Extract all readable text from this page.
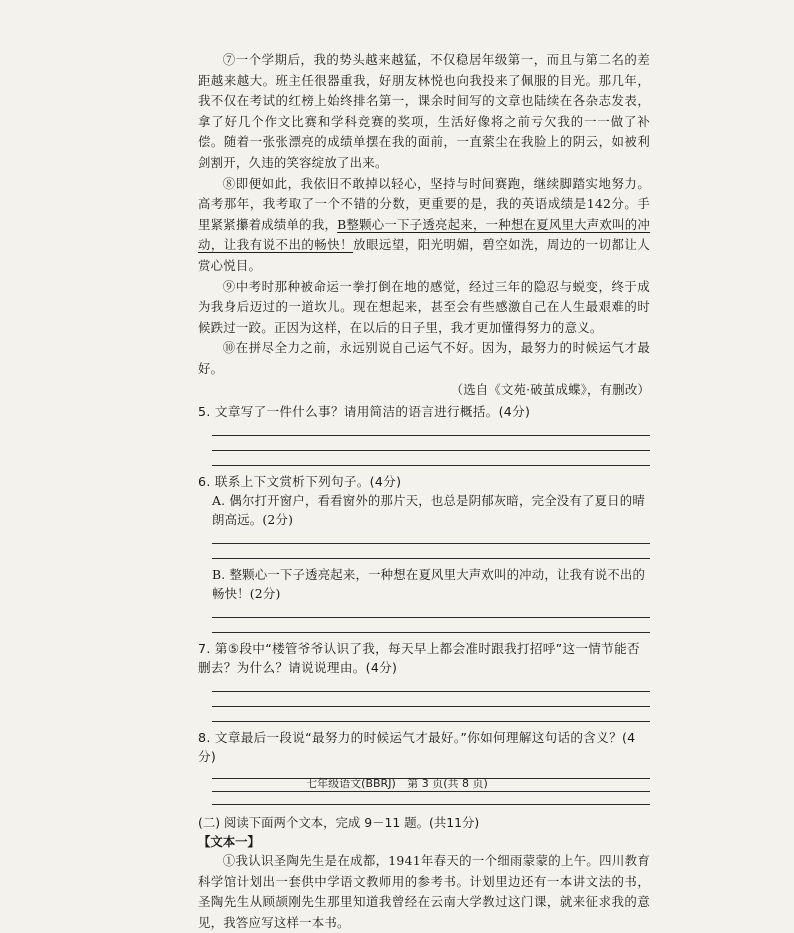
⑦一个学期后，我的势头越来越猛，不仅稳居年级第一，而且与第二名的差距越来越大。班主任很器重我，好朋友林悦也向我投来了佩服的目光。那几年，我不仅在考试的红榜上始终排名第一，课余时间写的文章也陆续在各杂志发表，拿了好几个作文比赛和学科竞赛的奖项，生活好像将之前亏欠我的一一做了补偿。随着一张张漂亮的成绩单摆在我的面前，一直萦尘在我脸上的阴云，如被利剑割开，久违的笑容绽放了出来。

⑧即便如此，我依旧不敢掉以轻心，坚持与时间赛跑，继续脚踏实地努力。高考那年，我考取了一个不错的分数，更重要的是，我的英语成绩是142分。手里紧紧攥着成绩单的我，B整颗心一下子透亮起来，一种想在夏风里大声欢叫的冲动，让我有说不出的畅快！放眼远望，阳光明媚，碧空如洗，周边的一切都让人赏心悦目。

⑨中考时那种被命运一拳打倒在地的感觉，经过三年的隐忍与蜕变，终于成为我身后迈过的一道坎儿。现在想起来，甚至会有些感激自己在人生最艰难的时候跌过一跤。正因为这样，在以后的日子里，我才更加懂得努力的意义。

⑩在拼尽全力之前，永远别说自己运气不好。因为，最努力的时候运气才最好。

（选自《文苑·破茧成蝶》，有删改）

5. 文章写了一件什么事？请用简洁的语言进行概括。(4分)

6. 联系上下文赏析下列句子。(4分)

A. 偶尔打开窗户，看看窗外的那片天，也总是阴郁灰暗，完全没有了夏日的晴朗高远。(2分)

B. 整颗心一下子透亮起来，一种想在夏风里大声欢叫的冲动，让我有说不出的畅快！(2分)

7. 第⑤段中“楼管爷爷认识了我，每天早上都会准时跟我打招呼”这一情节能否删去？为什么？请说说理由。(4分)

8. 文章最后一段说“最努力的时候运气才最好。”你如何理解这句话的含义？(4分)

(二) 阅读下面两个文本，完成 9－11 题。(共11分)

【文本一】

①我认识圣陶先生是在成都，1941年春天的一个细雨蒙蒙的上午。四川教育科学馆计划出一套供中学语文教师用的参考书。计划里边还有一本讲文法的书，圣陶先生从顾颉刚先生那里知道我曾经在云南大学教过这门课，就来征求我的意见，我答应写这样一本书。

七年级语文(BBRJ) 第 3 页(共 8 页)
